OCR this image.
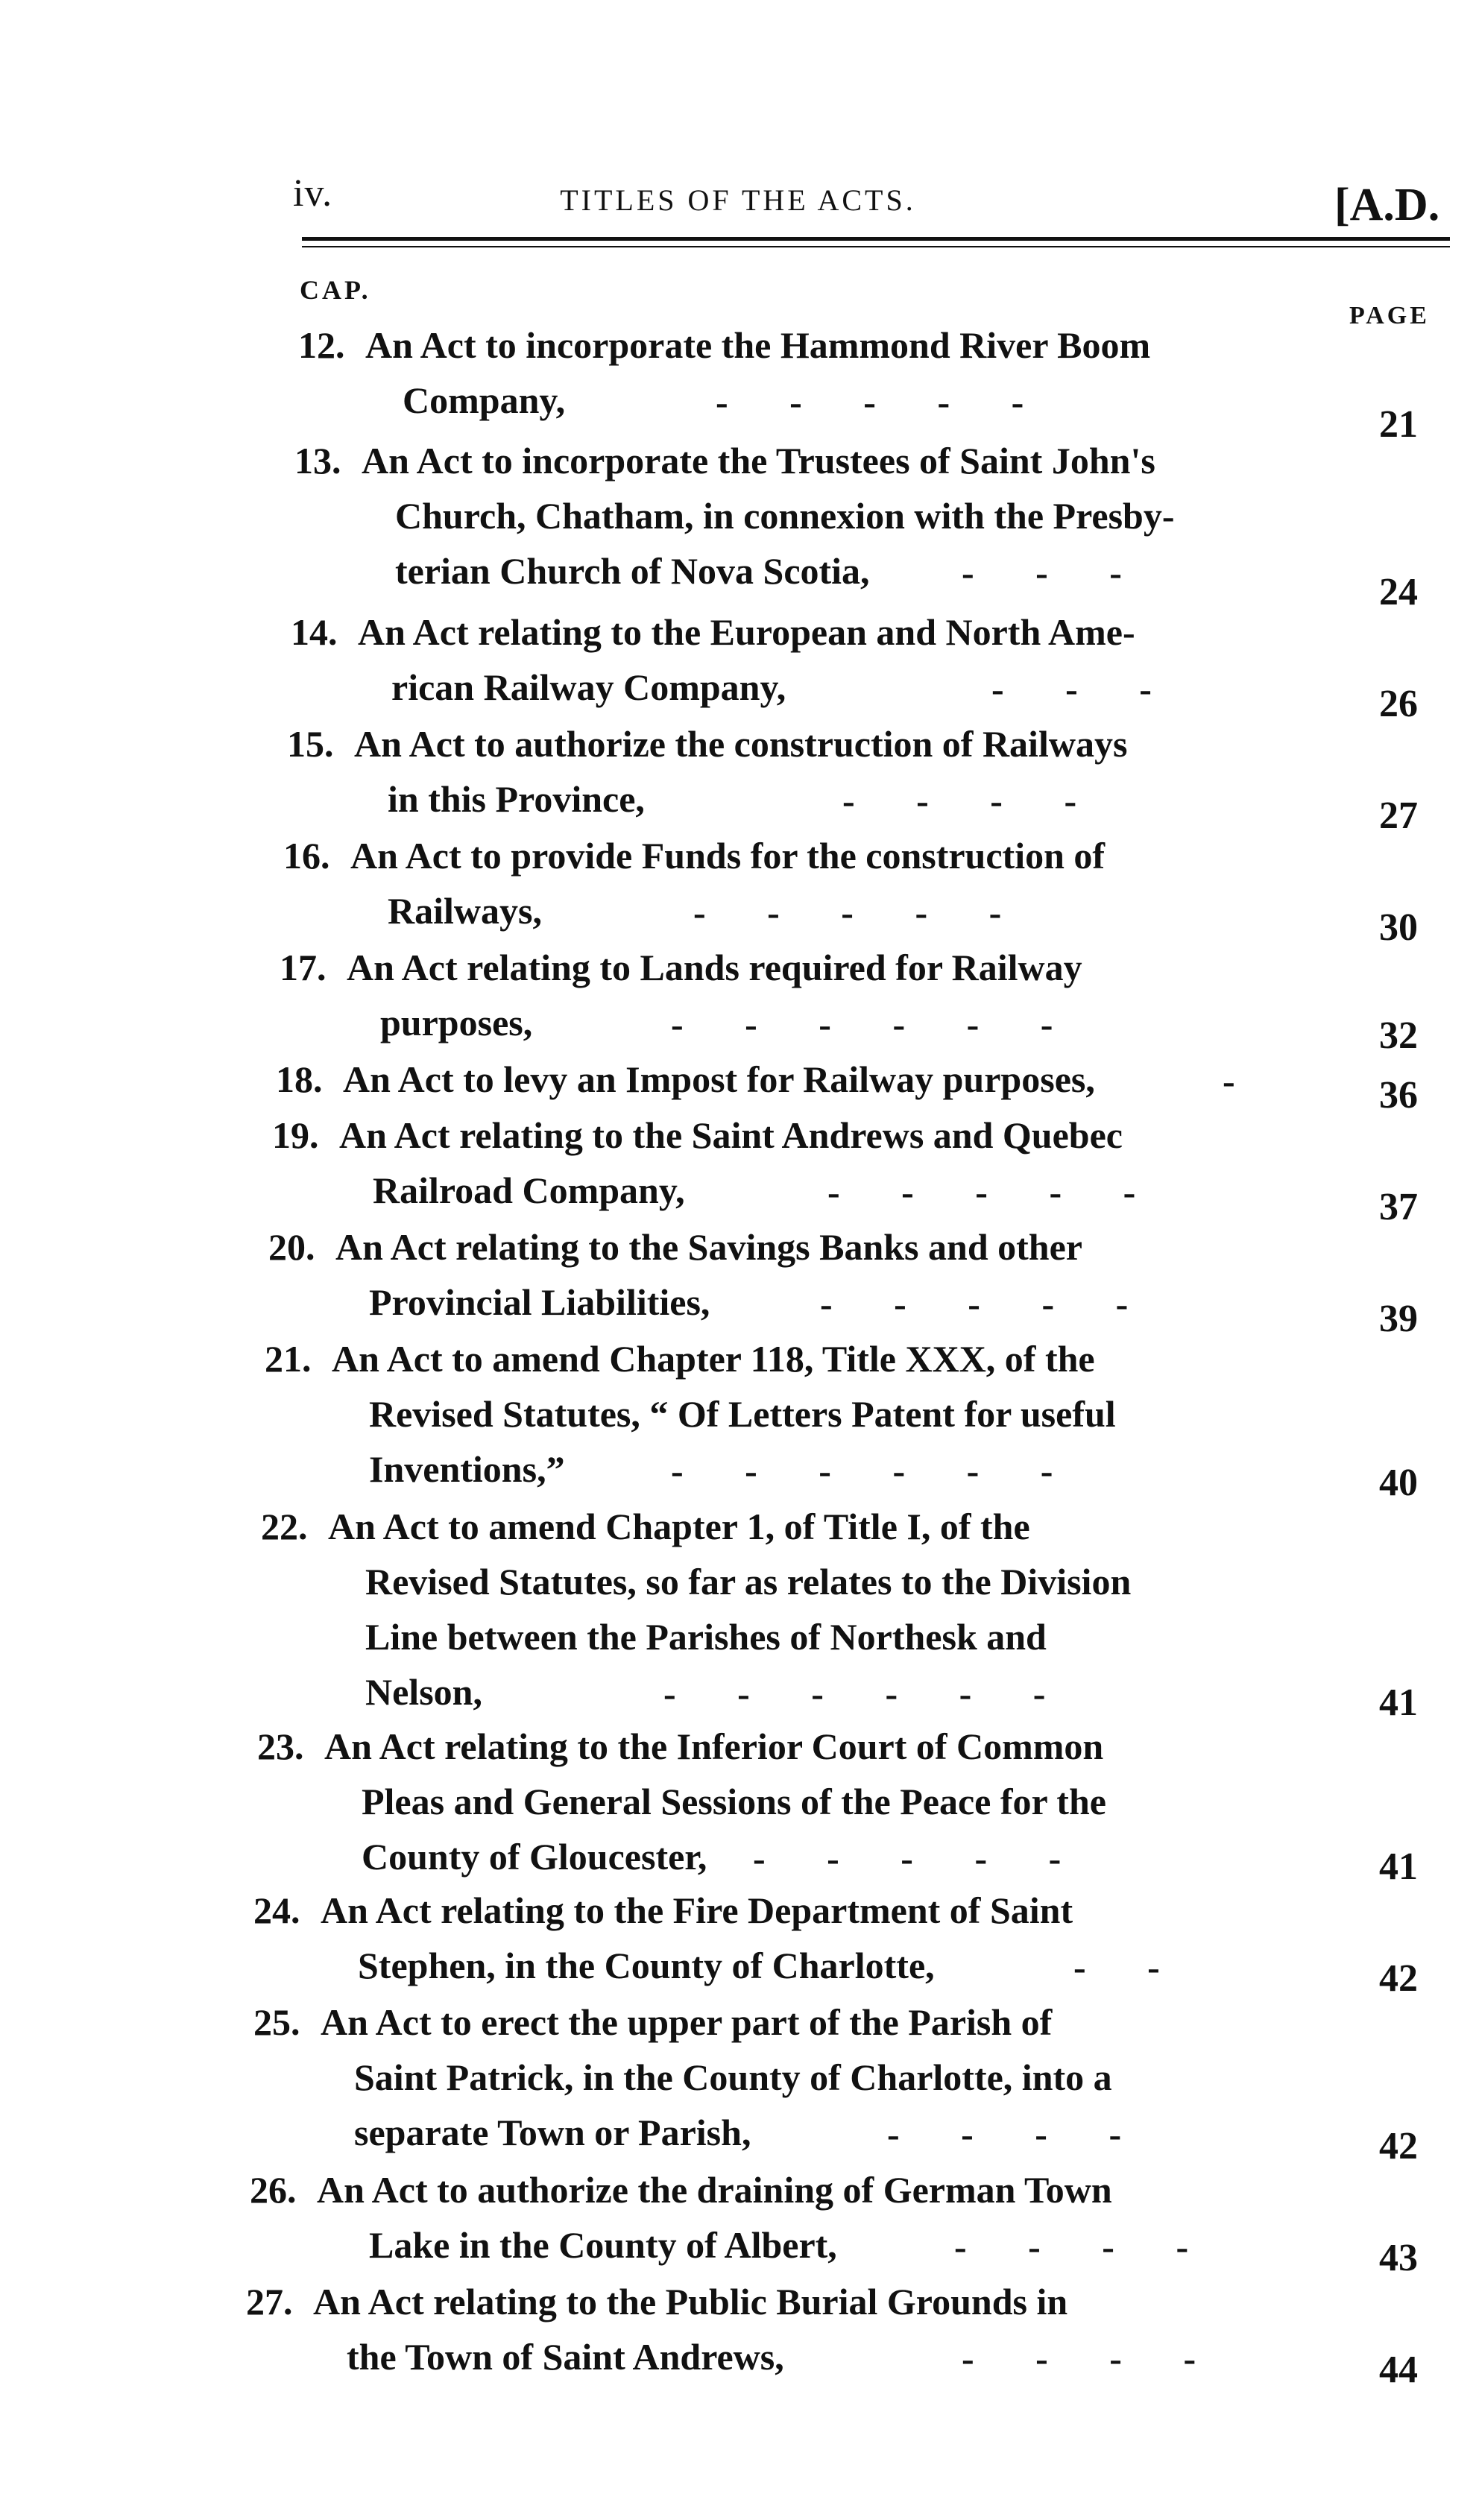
iv.	TITLES OF THE ACTS.	[A.D.
CAP.
PAGE
12. An Act to incorporate the Hammond River Boom
Company,	- - - - -
21
13. An Act to incorporate the Trustees of Saint John's
Church, Chatham, in connexion with the Presby-
terian Church of Nova Scotia, - - -	24
14. An Act relating to the European and North Ame-
rican Railway Company,	- - -	26
15. An Act to authorize the construction of Railways
in this Province,	- - - -	27
16. An Act to provide Funds for the construction of
Railways,	- - - - -	30
17. An Act relating to Lands required for Railway
purposes,	- - - - - -	32
18. An Act to levy an Impost for Railway purposes,	-	36
19. An Act relating to the Saint Andrews and Quebec
Railroad Company,	- - - - -	37
20. An Act relating to the Savings Banks and other
Provincial Liabilities,	- - - - -	39
21. An Act to amend Chapter 118, Title XXX, of the
Revised Statutes, “ Of Letters Patent for useful
Inventions,”	- - - - - -	40
22. An Act to amend Chapter 1, of Title I, of the
Revised Statutes, so far as relates to the Division
Line between the Parishes of Northesk and
Nelson,	- - - - - -	41
23. An Act relating to the Inferior Court of Common
Pleas and General Sessions of the Peace for the
County of Gloucester, - - - - -	41
24. An Act relating to the Fire Department of Saint
Stephen, in the County of Charlotte,	- -	42
25. An Act to erect the upper part of the Parish of
Saint Patrick, in the County of Charlotte, into a
separate Town or Parish,	- - - -	42
26. An Act to authorize the draining of German Town
Lake in the County of Albert,	- - - -	43
27. An Act relating to the Public Burial Grounds in
the Town of Saint Andrews,	- - - -	44
